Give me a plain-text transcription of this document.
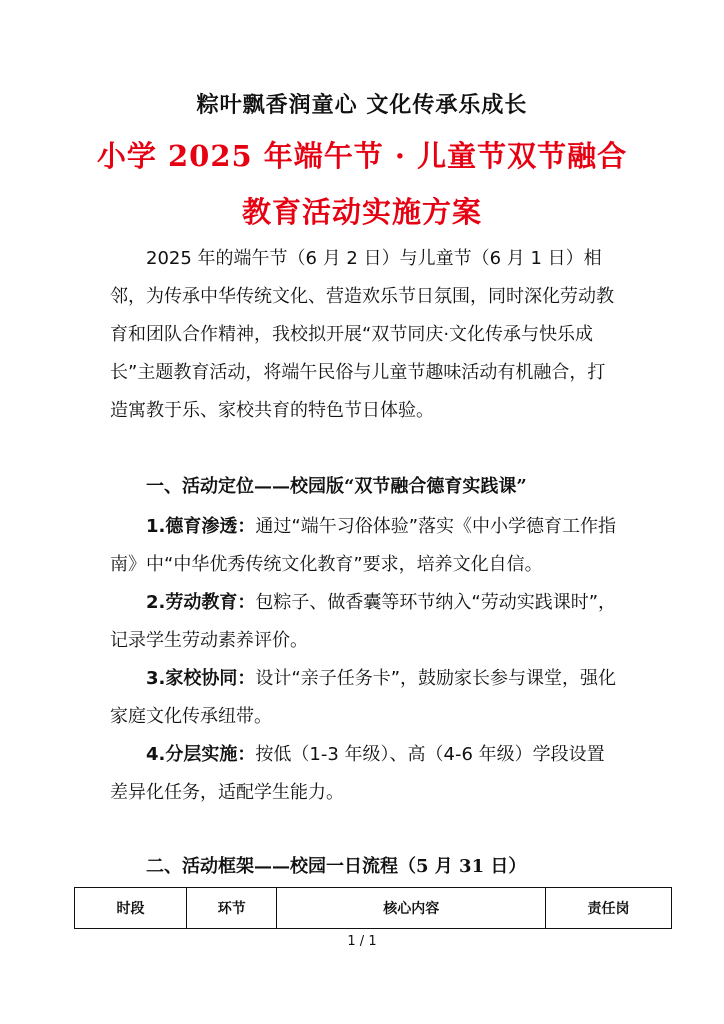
粽叶飘香润童心 文化传承乐成长
小学 2025 年端午节 · 儿童节双节融合
教育活动实施方案
2025 年的端午节（6 月 2 日）与儿童节（6 月 1 日）相邻，为传承中华传统文化、营造欢乐节日氛围，同时深化劳动教育和团队合作精神，我校拟开展“双节同庆·文化传承与快乐成长”主题教育活动，将端午民俗与儿童节趣味活动有机融合，打造寓教于乐、家校共育的特色节日体验。
一、活动定位——校园版“双节融合德育实践课”
1.德育渗透：通过“端午习俗体验”落实《中小学德育工作指南》中“中华优秀传统文化教育”要求，培养文化自信。
2.劳动教育：包粽子、做香囊等环节纳入“劳动实践课时”，记录学生劳动素养评价。
3.家校协同：设计“亲子任务卡”，鼓励家长参与课堂，强化家庭文化传承纽带。
4.分层实施：按低（1-3 年级）、高（4-6 年级）学段设置差异化任务，适配学生能力。
二、活动框架——校园一日流程（5 月 31 日）
时段	环节	核心内容	责任岗
1 / 1
